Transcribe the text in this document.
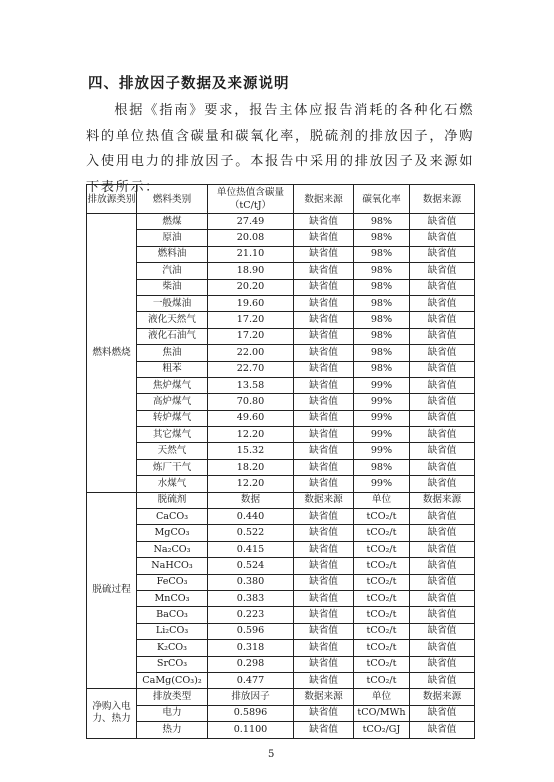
四、排放因子数据及来源说明
根据《指南》要求，报告主体应报告消耗的各种化石燃料的单位热值含碳量和碳氧化率，脱硫剂的排放因子，净购入使用电力的排放因子。本报告中采用的排放因子及来源如下表所示：
排放源类别	燃料类别	单位热值含碳量（tC/tJ）	数据来源	碳氧化率	数据来源
燃料燃烧	燃煤	27.49	缺省值	98%	缺省值
	原油	20.08	缺省值	98%	缺省值
	燃料油	21.10	缺省值	98%	缺省值
	汽油	18.90	缺省值	98%	缺省值
	柴油	20.20	缺省值	98%	缺省值
	一般煤油	19.60	缺省值	98%	缺省值
	液化天然气	17.20	缺省值	98%	缺省值
	液化石油气	17.20	缺省值	98%	缺省值
	焦油	22.00	缺省值	98%	缺省值
	粗苯	22.70	缺省值	98%	缺省值
	焦炉煤气	13.58	缺省值	99%	缺省值
	高炉煤气	70.80	缺省值	99%	缺省值
	转炉煤气	49.60	缺省值	99%	缺省值
	其它煤气	12.20	缺省值	99%	缺省值
	天然气	15.32	缺省值	99%	缺省值
	炼厂干气	18.20	缺省值	98%	缺省值
	水煤气	12.20	缺省值	99%	缺省值
脱硫过程	脱硫剂	数据	数据来源	单位	数据来源
	CaCO₃	0.440	缺省值	tCO₂/t	缺省值
	MgCO₃	0.522	缺省值	tCO₂/t	缺省值
	Na₂CO₃	0.415	缺省值	tCO₂/t	缺省值
	NaHCO₃	0.524	缺省值	tCO₂/t	缺省值
	FeCO₃	0.380	缺省值	tCO₂/t	缺省值
	MnCO₃	0.383	缺省值	tCO₂/t	缺省值
	BaCO₃	0.223	缺省值	tCO₂/t	缺省值
	Li₂CO₃	0.596	缺省值	tCO₂/t	缺省值
	K₂CO₃	0.318	缺省值	tCO₂/t	缺省值
	SrCO₃	0.298	缺省值	tCO₂/t	缺省值
	CaMg(CO₃)₂	0.477	缺省值	tCO₂/t	缺省值
净购入电力、热力	排放类型	排放因子	数据来源	单位	数据来源
	电力	0.5896	缺省值	tCO/MWh	缺省值
	热力	0.1100	缺省值	tCO₂/GJ	缺省值
5
